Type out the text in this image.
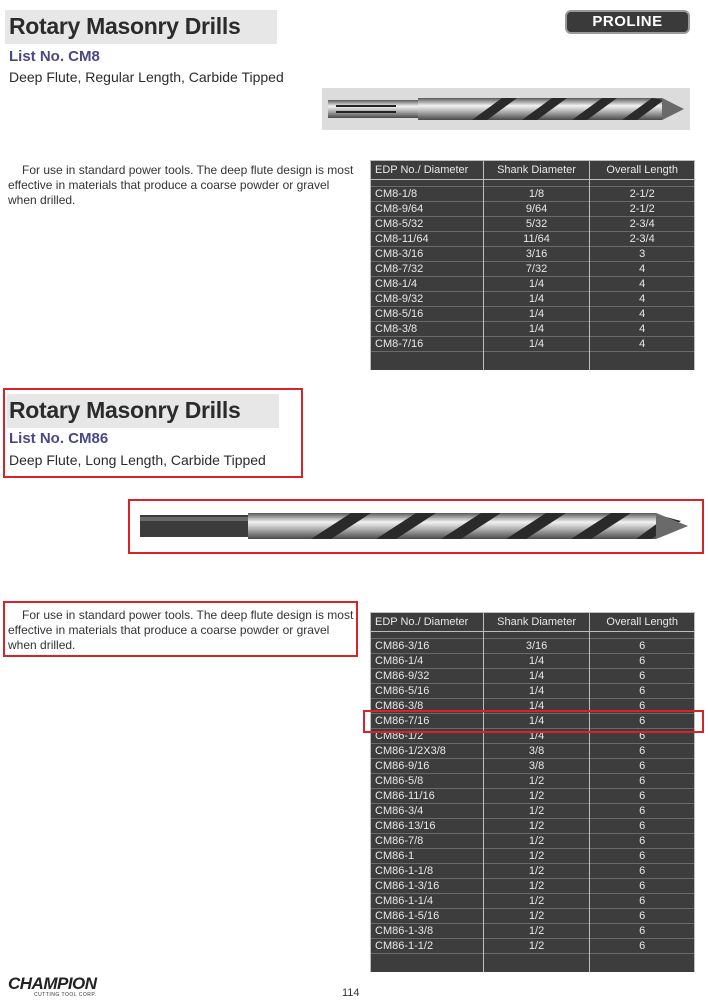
PROLINE
Rotary Masonry Drills
List No. CM8
Deep Flute, Regular Length, Carbide Tipped
For use in standard power tools. The deep flute design is most effective in materials that produce a coarse powder or gravel when drilled.
EDP No./ Diameter	Shank Diameter	Overall Length

CM8-1/8	1/8	2-1/2
CM8-9/64	9/64	2-1/2
CM8-5/32	5/32	2-3/4
CM8-11/64	11/64	2-3/4
CM8-3/16	3/16	3
CM8-7/32	7/32	4
CM8-1/4	1/4	4
CM8-9/32	1/4	4
CM8-5/16	1/4	4
CM8-3/8	1/4	4
CM8-7/16	1/4	4

Rotary Masonry Drills
List No. CM86
Deep Flute, Long Length, Carbide Tipped
For use in standard power tools. The deep flute design is most effective in materials that produce a coarse powder or gravel when drilled.
EDP No./ Diameter	Shank Diameter	Overall Length

CM86-3/16	3/16	6
CM86-1/4	1/4	6
CM86-9/32	1/4	6
CM86-5/16	1/4	6
CM86-3/8	1/4	6
CM86-7/16	1/4	6
CM86-1/2	1/4	6
CM86-1/2X3/8	3/8	6
CM86-9/16	3/8	6
CM86-5/8	1/2	6
CM86-11/16	1/2	6
CM86-3/4	1/2	6
CM86-13/16	1/2	6
CM86-7/8	1/2	6
CM86-1	1/2	6
CM86-1-1/8	1/2	6
CM86-1-3/16	1/2	6
CM86-1-1/4	1/2	6
CM86-1-5/16	1/2	6
CM86-1-3/8	1/2	6
CM86-1-1/2	1/2	6

CHAMPION
CUTTING TOOL CORP.	114
